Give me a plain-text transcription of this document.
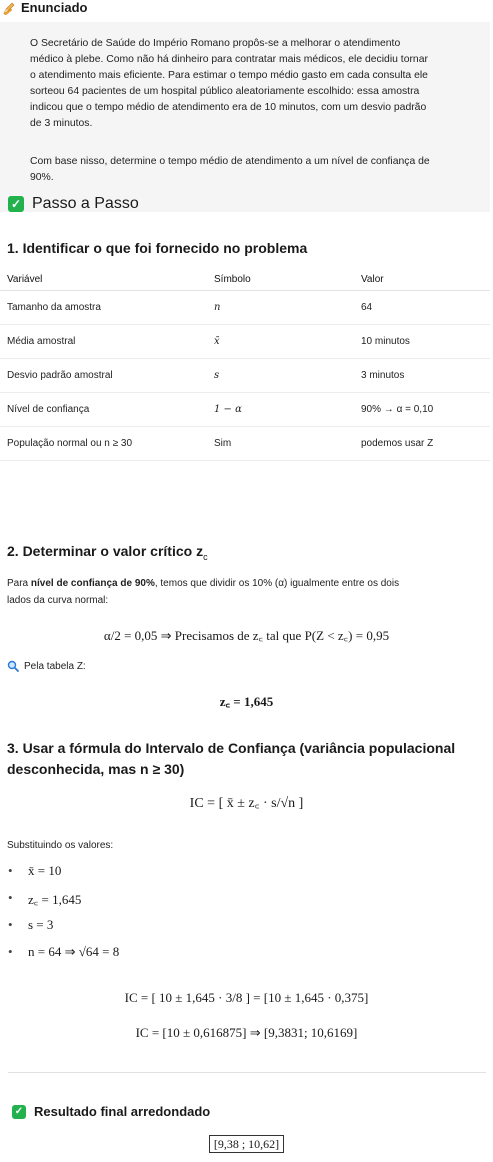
Enunciado
O Secretário de Saúde do Império Romano propôs-se a melhorar o atendimento
médico à plebe. Como não há dinheiro para contratar mais médicos, ele decidiu tornar
o atendimento mais eficiente. Para estimar o tempo médio gasto em cada consulta ele
sorteou 64 pacientes de um hospital público aleatoriamente escolhido: essa amostra
indicou que o tempo médio de atendimento era de 10 minutos, com um desvio padrão
de 3 minutos.
Com base nisso, determine o tempo médio de atendimento a um nível de confiança de
90%.
✓ Passo a Passo
1. Identificar o que foi fornecido no problema
Variável	Símbolo	Valor
Tamanho da amostra	n	64
Média amostral	x̄	10 minutos
Desvio padrão amostral	s	3 minutos
Nível de confiança	1 − α	90% → α = 0,10
População normal ou n ≥ 30	Sim	podemos usar Z
2. Determinar o valor crítico $z_c$
Para nível de confiança de 90%, temos que dividir os 10% (α) igualmente entre os dois
lados da curva normal:
α/2 = 0,05 ⇒ Precisamos de z꜀ tal que P(Z < z꜀) = 0,95
Pela tabela Z:
z꜀ = 1,645
3. Usar a fórmula do Intervalo de Confiança (variância populacional
desconhecida, mas n ≥ 30)
IC = [ x̄ ± z꜀ · s/√n ]
Substituindo os valores:
• x̄ = 10
• z꜀ = 1,645
• s = 3
• n = 64 ⇒ √64 = 8
IC = [ 10 ± 1,645 · 3/8 ] = [10 ± 1,645 · 0,375]
IC = [10 ± 0,616875] ⇒ [9,3831; 10,6169]
✓ Resultado final arredondado
[9,38 ; 10,62]
